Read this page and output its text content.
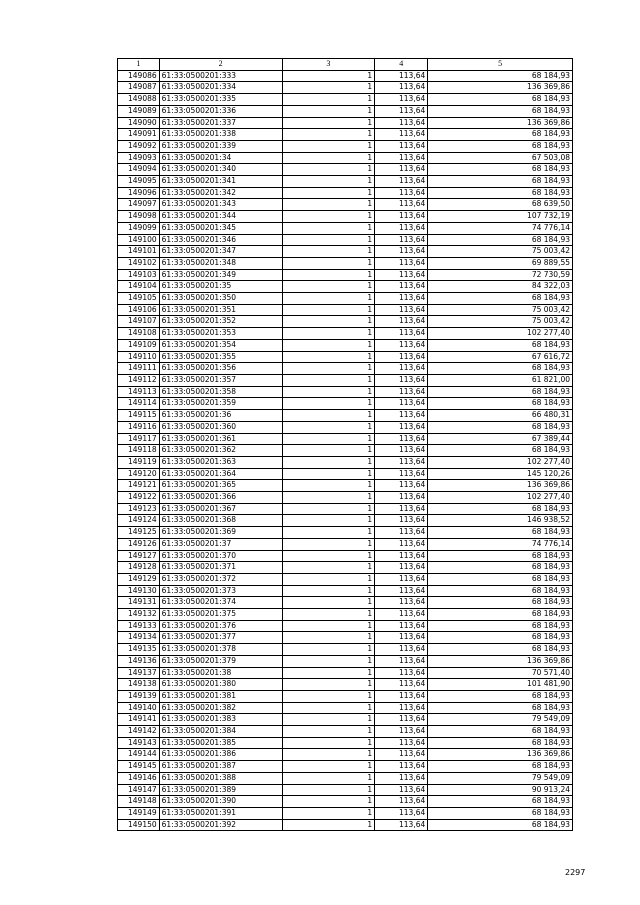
1	2	3	4	5
149086	61:33:0500201:333	1	113,64	68 184,93
149087	61:33:0500201:334	1	113,64	136 369,86
149088	61:33:0500201:335	1	113,64	68 184,93
149089	61:33:0500201:336	1	113,64	68 184,93
149090	61:33:0500201:337	1	113,64	136 369,86
149091	61:33:0500201:338	1	113,64	68 184,93
149092	61:33:0500201:339	1	113,64	68 184,93
149093	61:33:0500201:34	1	113,64	67 503,08
149094	61:33:0500201:340	1	113,64	68 184,93
149095	61:33:0500201:341	1	113,64	68 184,93
149096	61:33:0500201:342	1	113,64	68 184,93
149097	61:33:0500201:343	1	113,64	68 639,50
149098	61:33:0500201:344	1	113,64	107 732,19
149099	61:33:0500201:345	1	113,64	74 776,14
149100	61:33:0500201:346	1	113,64	68 184,93
149101	61:33:0500201:347	1	113,64	75 003,42
149102	61:33:0500201:348	1	113,64	69 889,55
149103	61:33:0500201:349	1	113,64	72 730,59
149104	61:33:0500201:35	1	113,64	84 322,03
149105	61:33:0500201:350	1	113,64	68 184,93
149106	61:33:0500201:351	1	113,64	75 003,42
149107	61:33:0500201:352	1	113,64	75 003,42
149108	61:33:0500201:353	1	113,64	102 277,40
149109	61:33:0500201:354	1	113,64	68 184,93
149110	61:33:0500201:355	1	113,64	67 616,72
149111	61:33:0500201:356	1	113,64	68 184,93
149112	61:33:0500201:357	1	113,64	61 821,00
149113	61:33:0500201:358	1	113,64	68 184,93
149114	61:33:0500201:359	1	113,64	68 184,93
149115	61:33:0500201:36	1	113,64	66 480,31
149116	61:33:0500201:360	1	113,64	68 184,93
149117	61:33:0500201:361	1	113,64	67 389,44
149118	61:33:0500201:362	1	113,64	68 184,93
149119	61:33:0500201:363	1	113,64	102 277,40
149120	61:33:0500201:364	1	113,64	145 120,26
149121	61:33:0500201:365	1	113,64	136 369,86
149122	61:33:0500201:366	1	113,64	102 277,40
149123	61:33:0500201:367	1	113,64	68 184,93
149124	61:33:0500201:368	1	113,64	146 938,52
149125	61:33:0500201:369	1	113,64	68 184,93
149126	61:33:0500201:37	1	113,64	74 776,14
149127	61:33:0500201:370	1	113,64	68 184,93
149128	61:33:0500201:371	1	113,64	68 184,93
149129	61:33:0500201:372	1	113,64	68 184,93
149130	61:33:0500201:373	1	113,64	68 184,93
149131	61:33:0500201:374	1	113,64	68 184,93
149132	61:33:0500201:375	1	113,64	68 184,93
149133	61:33:0500201:376	1	113,64	68 184,93
149134	61:33:0500201:377	1	113,64	68 184,93
149135	61:33:0500201:378	1	113,64	68 184,93
149136	61:33:0500201:379	1	113,64	136 369,86
149137	61:33:0500201:38	1	113,64	70 571,40
149138	61:33:0500201:380	1	113,64	101 481,90
149139	61:33:0500201:381	1	113,64	68 184,93
149140	61:33:0500201:382	1	113,64	68 184,93
149141	61:33:0500201:383	1	113,64	79 549,09
149142	61:33:0500201:384	1	113,64	68 184,93
149143	61:33:0500201:385	1	113,64	68 184,93
149144	61:33:0500201:386	1	113,64	136 369,86
149145	61:33:0500201:387	1	113,64	68 184,93
149146	61:33:0500201:388	1	113,64	79 549,09
149147	61:33:0500201:389	1	113,64	90 913,24
149148	61:33:0500201:390	1	113,64	68 184,93
149149	61:33:0500201:391	1	113,64	68 184,93
149150	61:33:0500201:392	1	113,64	68 184,93
2297
